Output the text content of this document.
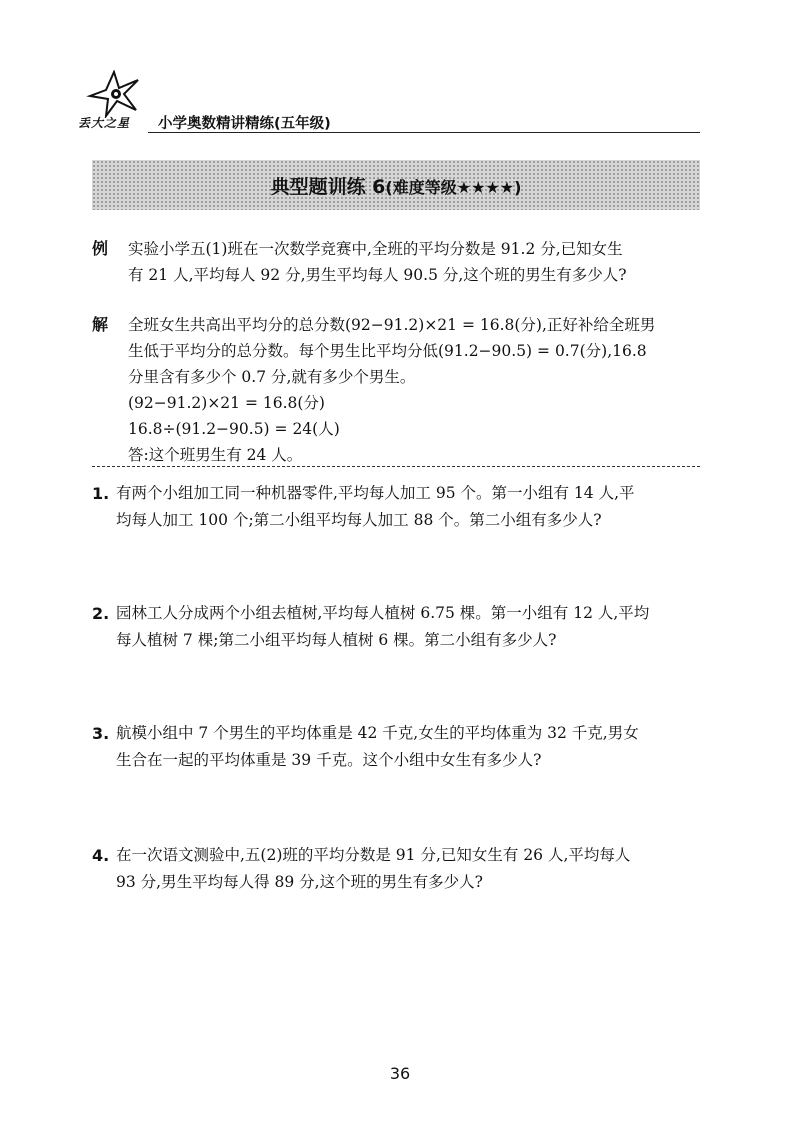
丢大之星 小学奥数精讲精练(五年级)
典型题训练 6(难度等级★★★★)
例 实验小学五(1)班在一次数学竞赛中,全班的平均分数是 91.2 分,已知女生
有 21 人,平均每人 92 分,男生平均每人 90.5 分,这个班的男生有多少人?
解 全班女生共高出平均分的总分数(92−91.2)×21 = 16.8(分),正好补给全班男
生低于平均分的总分数。每个男生比平均分低(91.2−90.5) = 0.7(分),16.8
分里含有多少个 0.7 分,就有多少个男生。
(92−91.2)×21 = 16.8(分)
16.8÷(91.2−90.5) = 24(人)
答:这个班男生有 24 人。
1. 有两个小组加工同一种机器零件,平均每人加工 95 个。第一小组有 14 人,平
均每人加工 100 个;第二小组平均每人加工 88 个。第二小组有多少人?
2. 园林工人分成两个小组去植树,平均每人植树 6.75 棵。第一小组有 12 人,平均
每人植树 7 棵;第二小组平均每人植树 6 棵。第二小组有多少人?
3. 航模小组中 7 个男生的平均体重是 42 千克,女生的平均体重为 32 千克,男女
生合在一起的平均体重是 39 千克。这个小组中女生有多少人?
4. 在一次语文测验中,五(2)班的平均分数是 91 分,已知女生有 26 人,平均每人
93 分,男生平均每人得 89 分,这个班的男生有多少人?
36
